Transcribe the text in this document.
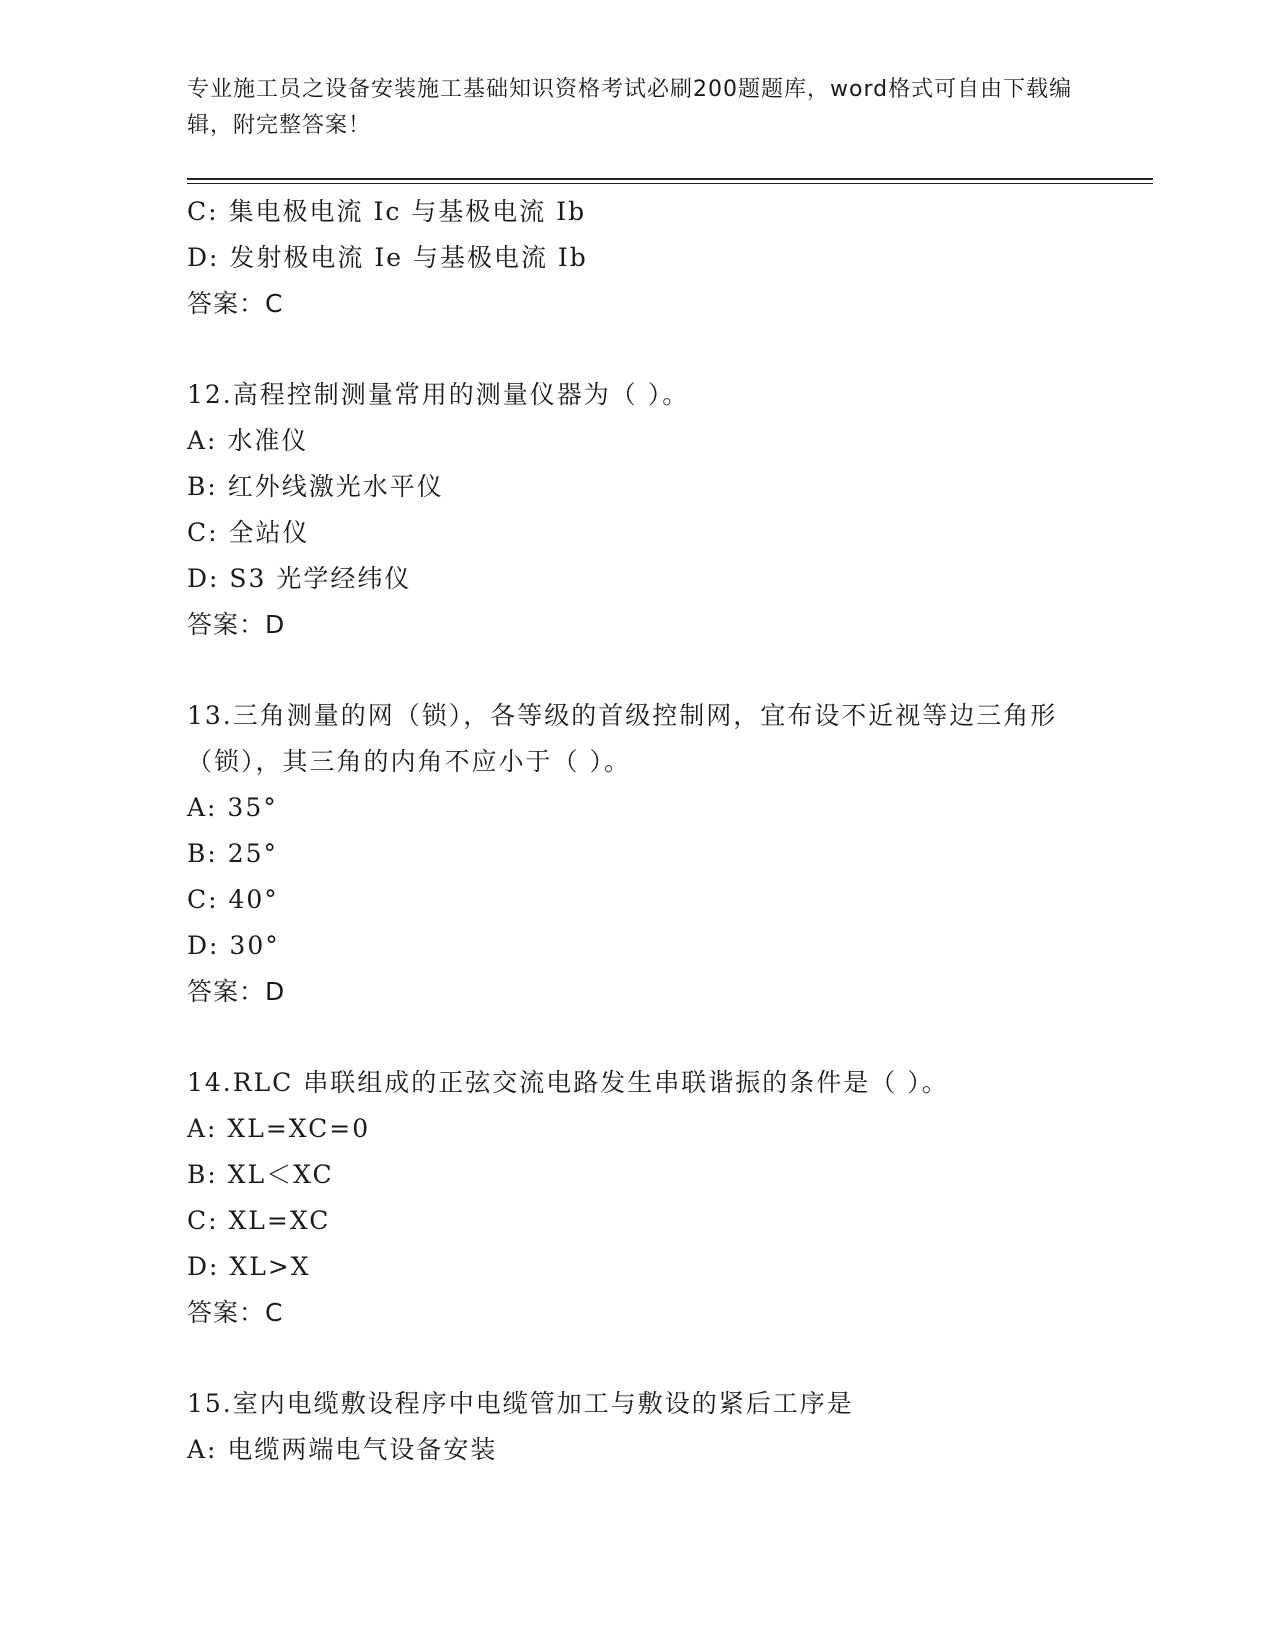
专业施工员之设备安装施工基础知识资格考试必刷200题题库，word格式可自由下载编辑，附完整答案！
C: 集电极电流 Ic 与基极电流 Ib
D: 发射极电流 Ie 与基极电流 Ib
答案：C
12.高程控制测量常用的测量仪器为（ ）。
A: 水准仪
B: 红外线激光水平仪
C: 全站仪
D: S3 光学经纬仪
答案：D
13.三角测量的网（锁），各等级的首级控制网，宜布设不近视等边三角形（锁），其三角的内角不应小于（ ）。
A: 35°
B: 25°
C: 40°
D: 30°
答案：D
14.RLC 串联组成的正弦交流电路发生串联谐振的条件是（ ）。
A: XL=XC=0
B: XL＜XC
C: XL=XC
D: XL>X
答案：C
15.室内电缆敷设程序中电缆管加工与敷设的紧后工序是
A: 电缆两端电气设备安装
